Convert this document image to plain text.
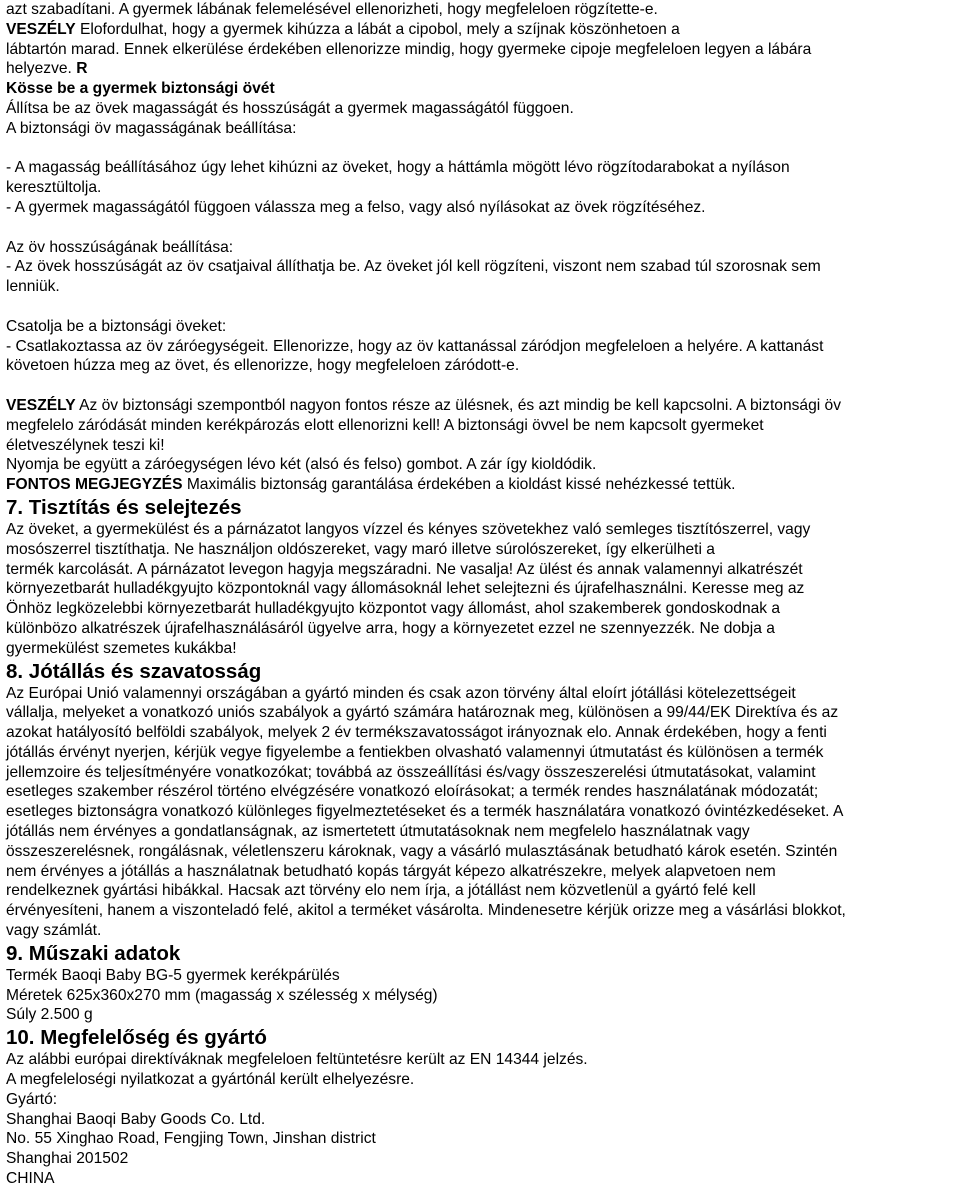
azt szabadítani. A gyermek lábának felemelésével ellenorizheti, hogy megfeleloen rögzítette-e.
VESZÉLY Elofordulhat, hogy a gyermek kihúzza a lábát a cipobol, mely a szíjnak köszönhetoen a
lábtartón marad. Ennek elkerülése érdekében ellenorizze mindig, hogy gyermeke cipoje megfeleloen legyen a lábára
helyezve. R
Kösse be a gyermek biztonsági övét
Állítsa be az övek magasságát és hosszúságát a gyermek magasságától függoen.
A biztonsági öv magasságának beállítása:
- A magasság beállításához úgy lehet kihúzni az öveket, hogy a háttámla mögött lévo rögzítodarabokat a nyíláson
keresztültolja.
- A gyermek magasságától függoen válassza meg a felso, vagy alsó nyílásokat az övek rögzítéséhez.
Az öv hosszúságának beállítása:
- Az övek hosszúságát az öv csatjaival állíthatja be. Az öveket jól kell rögzíteni, viszont nem szabad túl szorosnak sem
lenniük.
Csatolja be a biztonsági öveket:
- Csatlakoztassa az öv záróegységeit. Ellenorizze, hogy az öv kattanással záródjon megfeleloen a helyére. A kattanást
követoen húzza meg az övet, és ellenorizze, hogy megfeleloen záródott-e.
VESZÉLY Az öv biztonsági szempontból nagyon fontos része az ülésnek, és azt mindig be kell kapcsolni. A biztonsági öv
megfelelo záródását minden kerékpározás elott ellenorizni kell! A biztonsági övvel be nem kapcsolt gyermeket
életveszélynek teszi ki!
Nyomja be együtt a záróegységen lévo két (alsó és felso) gombot. A zár így kioldódik.
FONTOS MEGJEGYZÉS Maximális biztonság garantálása érdekében a kioldást kissé nehézkessé tettük.
7. Tisztítás és selejtezés
Az öveket, a gyermekülést és a párnázatot langyos vízzel és kényes szövetekhez való semleges tisztítószerrel, vagy
mosószerrel tisztíthatja. Ne használjon oldószereket, vagy maró illetve súrolószereket, így elkerülheti a
termék karcolását. A párnázatot levegon hagyja megszáradni. Ne vasalja! Az ülést és annak valamennyi alkatrészét
környezetbarát hulladékgyujto központoknál vagy állomásoknál lehet selejtezni és újrafelhasználni. Keresse meg az
Önhöz legközelebbi környezetbarát hulladékgyujto központot vagy állomást, ahol szakemberek gondoskodnak a
különbözo alkatrészek újrafelhasználásáról ügyelve arra, hogy a környezetet ezzel ne szennyezzék. Ne dobja a
gyermekülést szemetes kukákba!
8. Jótállás és szavatosság
Az Európai Unió valamennyi országában a gyártó minden és csak azon törvény által eloírt jótállási kötelezettségeit
vállalja, melyeket a vonatkozó uniós szabályok a gyártó számára határoznak meg, különösen a 99/44/EK Direktíva és az
azokat hatályosító belföldi szabályok, melyek 2 év termékszavatosságot irányoznak elo. Annak érdekében, hogy a fenti
jótállás érvényt nyerjen, kérjük vegye figyelembe a fentiekben olvasható valamennyi útmutatást és különösen a termék
jellemzoire és teljesítményére vonatkozókat; továbbá az összeállítási és/vagy összeszerelési útmutatásokat, valamint
esetleges szakember részérol történo elvégzésére vonatkozó eloírásokat; a termék rendes használatának módozatát;
esetleges biztonságra vonatkozó különleges figyelmeztetéseket és a termék használatára vonatkozó óvintézkedéseket. A
jótállás nem érvényes a gondatlanságnak, az ismertetett útmutatásoknak nem megfelelo használatnak vagy
összeszerelésnek, rongálásnak, véletlenszeru károknak, vagy a vásárló mulasztásának betudható károk esetén. Szintén
nem érvényes a jótállás a használatnak betudható kopás tárgyát képezo alkatrészekre, melyek alapvetoen nem
rendelkeznek gyártási hibákkal. Hacsak azt törvény elo nem írja, a jótállást nem közvetlenül a gyártó felé kell
érvényesíteni, hanem a viszonteladó felé, akitol a terméket vásárolta. Mindenesetre kérjük orizze meg a vásárlási blokkot,
vagy számlát.
9. Műszaki adatok
Termék Baoqi Baby BG-5 gyermek kerékpárülés
Méretek 625x360x270 mm (magasság x szélesség x mélység)
Súly 2.500 g
10. Megfelelőség és gyártó
Az alábbi európai direktíváknak megfeleloen feltüntetésre került az EN 14344 jelzés.
A megfeleloségi nyilatkozat a gyártónál került elhelyezésre.
Gyártó:
Shanghai Baoqi Baby Goods Co. Ltd.
No. 55 Xinghao Road, Fengjing Town, Jinshan district
Shanghai 201502
CHINA
